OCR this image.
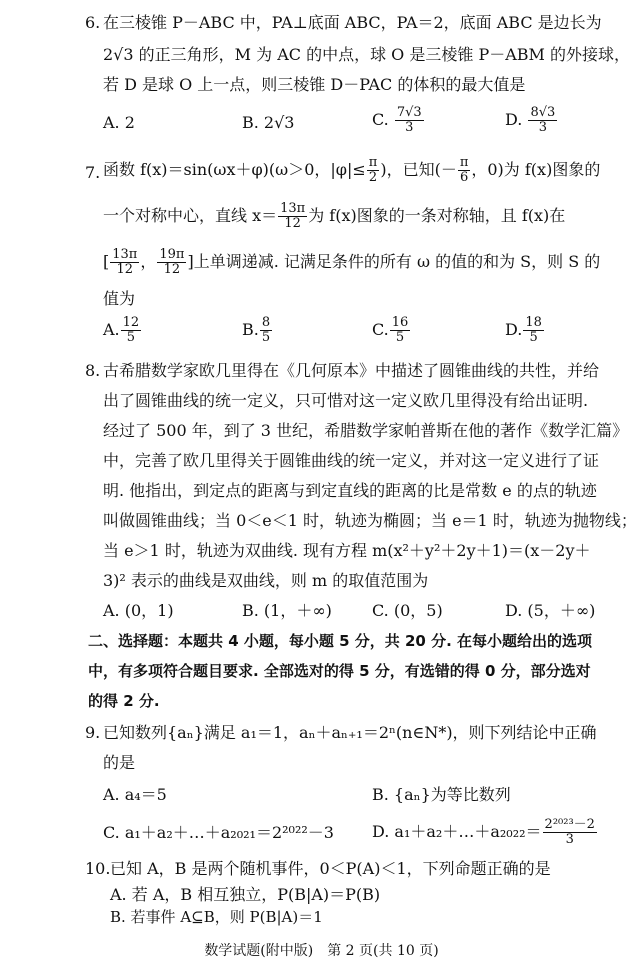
6. 在三棱锥 P－ABC 中，PA⊥底面 ABC，PA＝2，底面 ABC 是边长为
2√3 的正三角形，M 为 AC 的中点，球 O 是三棱锥 P－ABM 的外接球，
若 D 是球 O 上一点，则三棱锥 D－PAC 的体积的最大值是
A. 2	B. 2√3	C. $\frac{7√3}{3}$	D. $\frac{8√3}{3}$
7. 函数 f(x)＝sin(ωx＋φ)(ω＞0，$|\varphi|\le \frac{\pi}{2}$ )，已知(－ $\frac{\pi}{6}$ ，0)为 f(x)图象的
一个对称中心，直线 $x= \frac{13\pi}{12}$ 为 f(x)图象的一条对称轴，且 f(x)在
[ $\frac{13\pi}{12}$ ， $\frac{19\pi}{12}$ ]上单调递减. 记满足条件的所有 ω 的值的和为 S，则 S 的
值为
A. $\frac{12}{5}$	B. $\frac{8}{5}$	C. $\frac{16}{5}$	D. $\frac{18}{5}$
8. 古希腊数学家欧几里得在《几何原本》中描述了圆锥曲线的共性，并给
出了圆锥曲线的统一定义，只可惜对这一定义欧几里得没有给出证明.
经过了 500 年，到了 3 世纪，希腊数学家帕普斯在他的著作《数学汇篇》
中，完善了欧几里得关于圆锥曲线的统一定义，并对这一定义进行了证
明. 他指出，到定点的距离与到定直线的距离的比是常数 e 的点的轨迹
叫做圆锥曲线；当 0＜e＜1 时，轨迹为椭圆；当 e＝1 时，轨迹为抛物线；
当 e＞1 时，轨迹为双曲线. 现有方程 m(x²＋y²＋2y＋1)＝(x－2y＋
3)² 表示的曲线是双曲线，则 m 的取值范围为
A. (0，1)	B. (1，＋∞)	C. (0，5)	D. (5，＋∞)
二、选择题：本题共 4 小题，每小题 5 分，共 20 分. 在每小题给出的选项
中，有多项符合题目要求. 全部选对的得 5 分，有选错的得 0 分，部分选对
的得 2 分.
9. 已知数列{aₙ}满足 a₁＝1，aₙ＋aₙ₊₁＝2ⁿ(n∈N*)，则下列结论中正确
的是
A. a₄＝5	B. {aₙ}为等比数列
C. a₁＋a₂＋…＋a₂₀₂₁＝2²⁰²²－3 D. a₁＋a₂＋…＋a₂₀₂₂＝ $\frac{\text{2²⁰²³－2}}{3}$
10. 已知 A，B 是两个随机事件，0＜P(A)＜1，下列命题正确的是
A. 若 A，B 相互独立，P(B|A)＝P(B)
B. 若事件 A⊆B，则 P(B|A)＝1
数学试题(附中版)　第 2 页(共 10 页)
